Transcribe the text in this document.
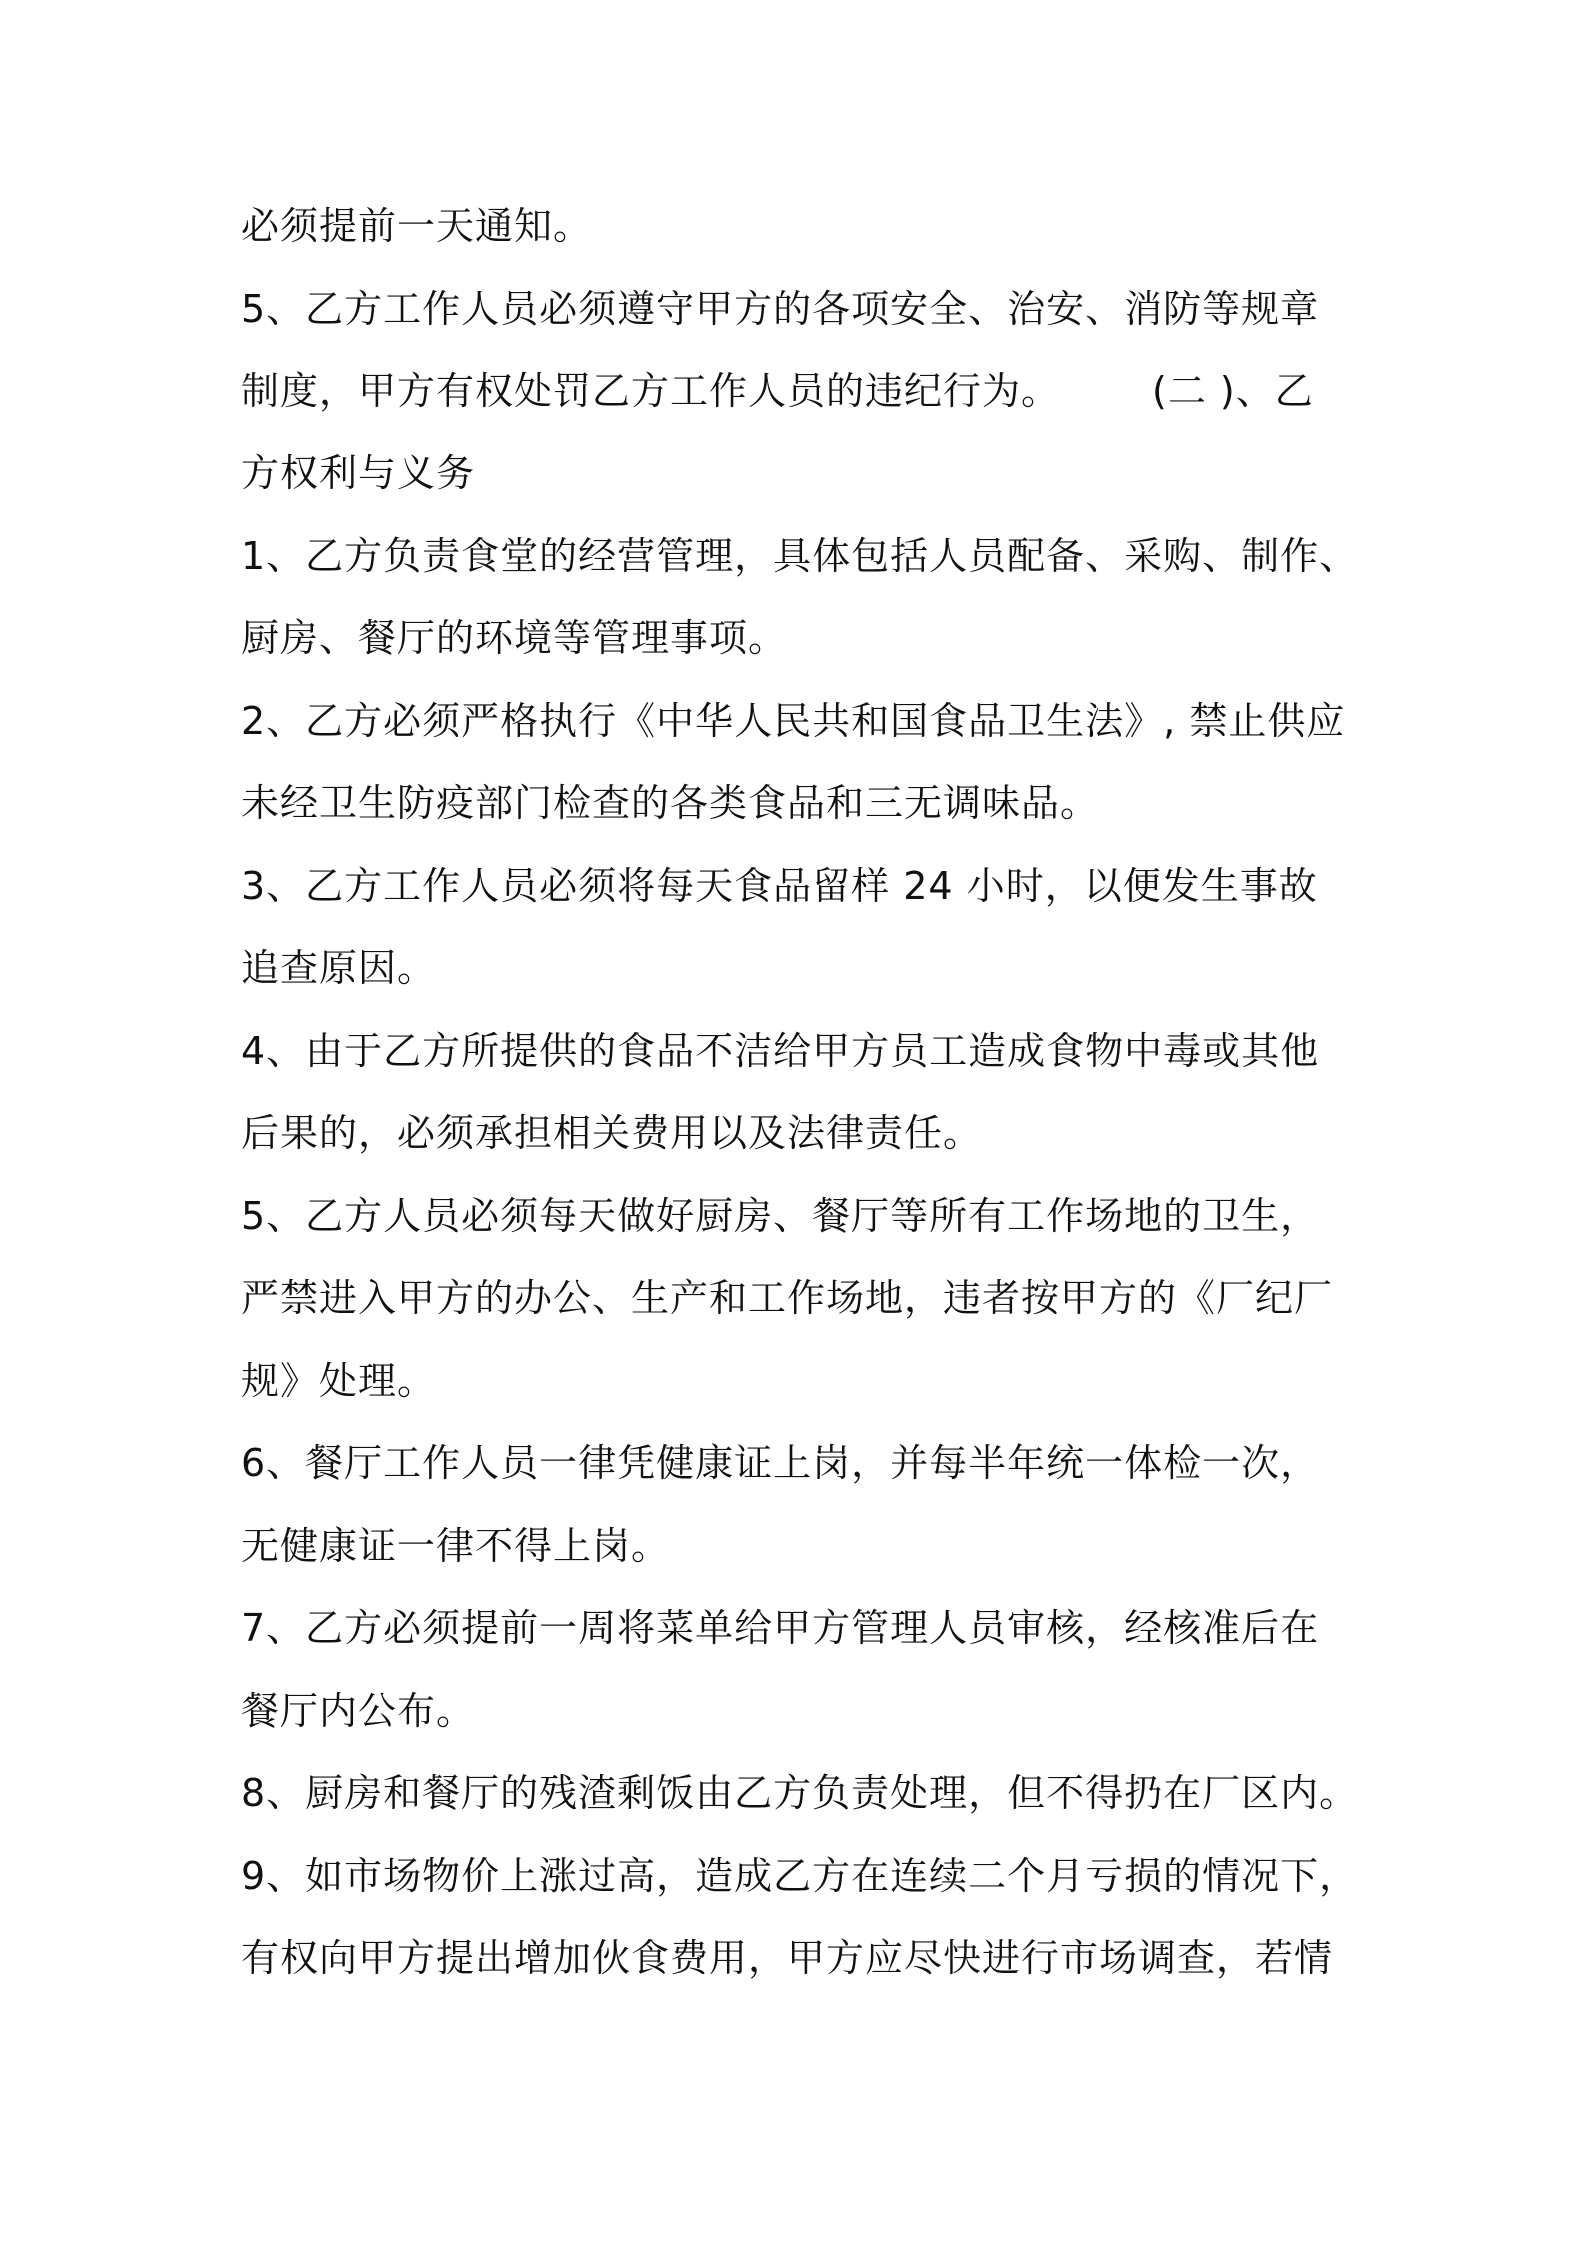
必须提前一天通知。
5、乙方工作人员必须遵守甲方的各项安全、治安、消防等规章
制度，甲方有权处罚乙方工作人员的违纪行为。 (二 )、乙
方权利与义务
1、乙方负责食堂的经营管理，具体包括人员配备、采购、制作、
厨房、餐厅的环境等管理事项。
2、乙方必须严格执行《中华人民共和国食品卫生法》, 禁止供应
未经卫生防疫部门检查的各类食品和三无调味品。
3、乙方工作人员必须将每天食品留样 24 小时，以便发生事故
追查原因。
4、由于乙方所提供的食品不洁给甲方员工造成食物中毒或其他
后果的，必须承担相关费用以及法律责任。
5、乙方人员必须每天做好厨房、餐厅等所有工作场地的卫生，
严禁进入甲方的办公、生产和工作场地，违者按甲方的《厂纪厂
规》处理。
6、餐厅工作人员一律凭健康证上岗，并每半年统一体检一次，
无健康证一律不得上岗。
7、乙方必须提前一周将菜单给甲方管理人员审核，经核准后在
餐厅内公布。
8、厨房和餐厅的残渣剩饭由乙方负责处理，但不得扔在厂区内。
9、如市场物价上涨过高，造成乙方在连续二个月亏损的情况下，
有权向甲方提出增加伙食费用，甲方应尽快进行市场调查，若情
